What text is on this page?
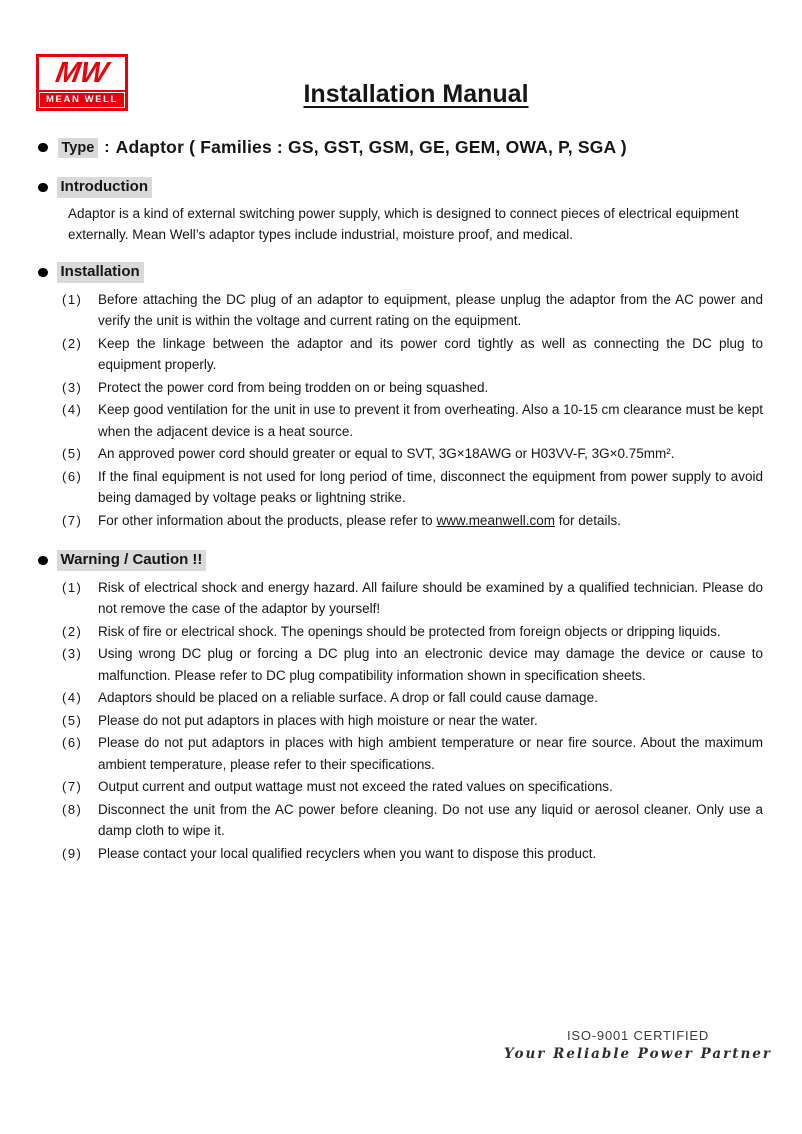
MW
MEAN WELL	Installation Manual
Type : Adaptor ( Families : GS, GST, GSM, GE, GEM, OWA, P, SGA )
Introduction

Adaptor is a kind of external switching power supply, which is designed to connect pieces of electrical equipment externally. Mean Well’s adaptor types include industrial, moisture proof, and medical.

Installation
(1)	Before attaching the DC plug of an adaptor to equipment, please unplug the adaptor from the AC power and verify the unit is within the voltage and current rating on the equipment.
(2)	Keep the linkage between the adaptor and its power cord tightly as well as connecting the DC plug to equipment properly.
(3)	Protect the power cord from being trodden on or being squashed.
(4)	Keep good ventilation for the unit in use to prevent it from overheating. Also a 10-15 cm clearance must be kept when the adjacent device is a heat source.
(5)	An approved power cord should greater or equal to SVT, 3G×18AWG or H03VV-F, 3G×0.75mm².
(6)	If the final equipment is not used for long period of time, disconnect the equipment from power supply to avoid being damaged by voltage peaks or lightning strike.
(7)	For other information about the products, please refer to www.meanwell.com for details.
Warning / Caution !!
(1)	Risk of electrical shock and energy hazard. All failure should be examined by a qualified technician. Please do not remove the case of the adaptor by yourself!
(2)	Risk of fire or electrical shock. The openings should be protected from foreign objects or dripping liquids.
(3)	Using wrong DC plug or forcing a DC plug into an electronic device may damage the device or cause to malfunction. Please refer to DC plug compatibility information shown in specification sheets.
(4)	Adaptors should be placed on a reliable surface. A drop or fall could cause damage.
(5)	Please do not put adaptors in places with high moisture or near the water.
(6)	Please do not put adaptors in places with high ambient temperature or near fire source. About the maximum ambient temperature, please refer to their specifications.
(7)	Output current and output wattage must not exceed the rated values on specifications.
(8)	Disconnect the unit from the AC power before cleaning. Do not use any liquid or aerosol cleaner. Only use a damp cloth to wipe it.
(9)	Please contact your local qualified recyclers when you want to dispose this product.
ISO-9001 CERTIFIED
Your Reliable Power Partner
